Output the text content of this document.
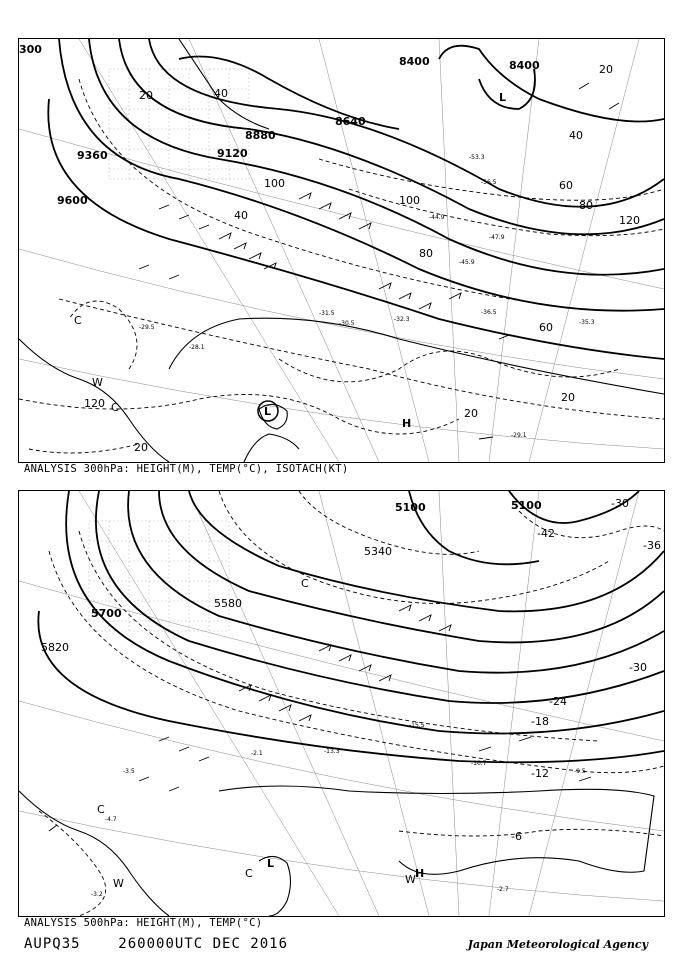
9360
9600
9120
8880
8640
8400	8400	20
40
60
80
100
120
20	40
60
80
100
120
20
20
20
40
-29.1
-32.3
-36.5
-35.3
-31.5
-30.5
-28.1
-29.5
-47.9
-45.9
-44.9
-53.3
-56.5
L
L
H
C
C
W
300
ANALYSIS 300hPa: HEIGHT(M), TEMP(°C), ISOTACH(KT)
5700
5820
5580
5100	5100
5340
-30
-36
-42
-30
-24
-18
-12
-6
-2.7
-3.2
-9.5
-10.7
-13.3
-15.5
-2.1
-3.5
-4.7
L
H
C
C
W	W
C
ANALYSIS 500hPa: HEIGHT(M), TEMP(°C)
AUPQ35	260000UTC DEC 2016	Japan Meteorological Agency
